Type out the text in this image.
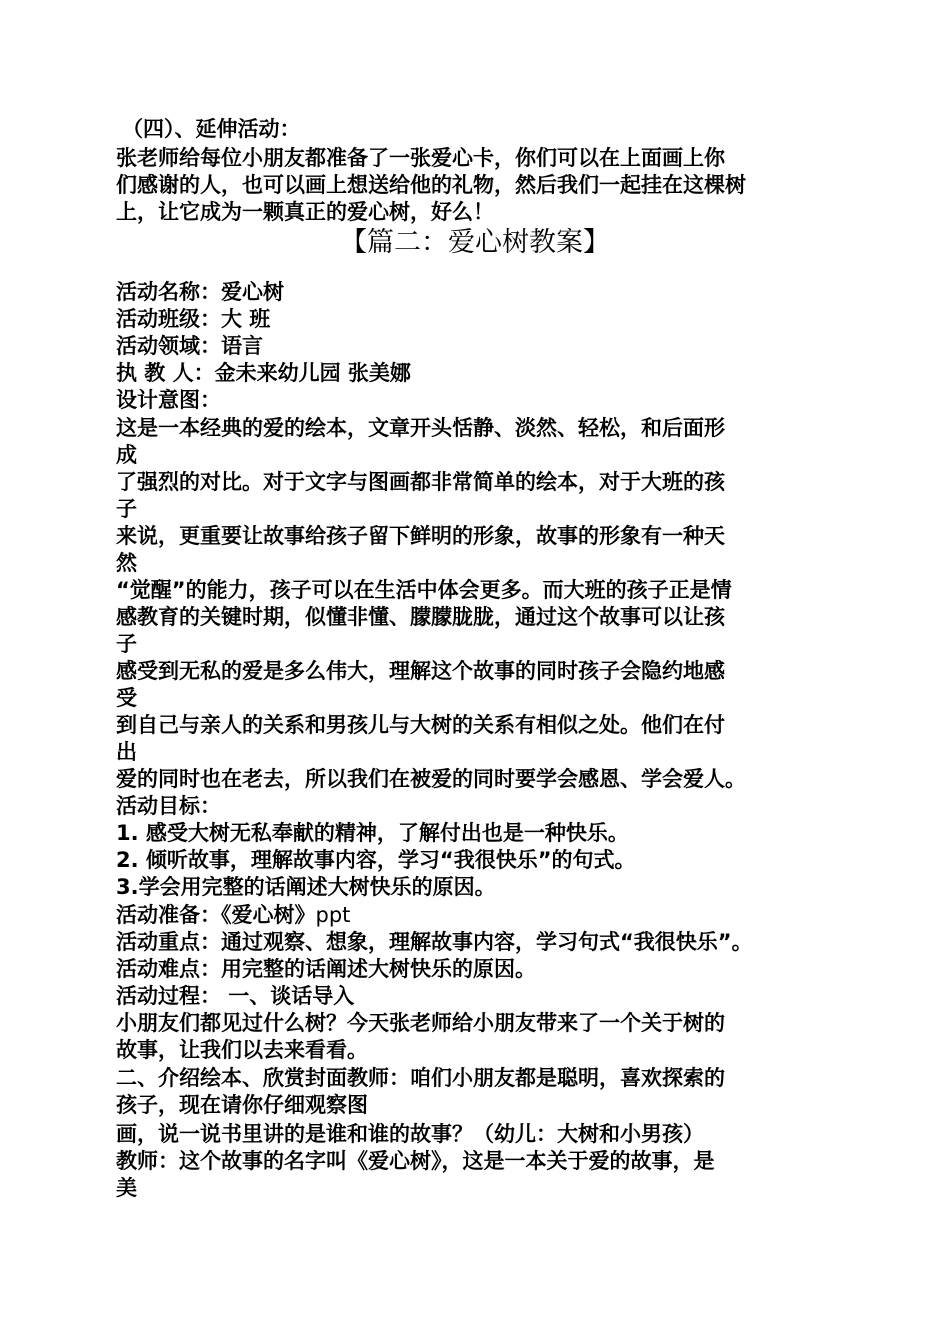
（四）、延伸活动：
张老师给每位小朋友都准备了一张爱心卡，你们可以在上面画上你
们感谢的人，也可以画上想送给他的礼物，然后我们一起挂在这棵树
上，让它成为一颗真正的爱心树，好么！
【篇二：爱心树教案】
活动名称：爱心树
活动班级：大 班
活动领域：语言
执 教 人：金未来幼儿园 张美娜
设计意图：
这是一本经典的爱的绘本，文章开头恬静、淡然、轻松，和后面形
成
了强烈的对比。对于文字与图画都非常简单的绘本，对于大班的孩
子
来说，更重要让故事给孩子留下鲜明的形象，故事的形象有一种天
然
“觉醒”的能力，孩子可以在生活中体会更多。而大班的孩子正是情
感教育的关键时期，似懂非懂、朦朦胧胧，通过这个故事可以让孩
子
感受到无私的爱是多么伟大，理解这个故事的同时孩子会隐约地感
受
到自己与亲人的关系和男孩儿与大树的关系有相似之处。他们在付
出
爱的同时也在老去，所以我们在被爱的同时要学会感恩、学会爱人。
活动目标：
1. 感受大树无私奉献的精神，了解付出也是一种快乐。
2. 倾听故事，理解故事内容，学习“我很快乐”的句式。
3.学会用完整的话阐述大树快乐的原因。
活动准备：《爱心树》ppt
活动重点：通过观察、想象，理解故事内容，学习句式“我很快乐”。
活动难点：用完整的话阐述大树快乐的原因。
活动过程： 一、谈话导入
小朋友们都见过什么树？今天张老师给小朋友带来了一个关于树的
故事，让我们以去来看看。
二、介绍绘本、欣赏封面教师：咱们小朋友都是聪明，喜欢探索的
孩子，现在请你仔细观察图
画，说一说书里讲的是谁和谁的故事？（幼儿：大树和小男孩）
教师：这个故事的名字叫《爱心树》，这是一本关于爱的故事，是
美
